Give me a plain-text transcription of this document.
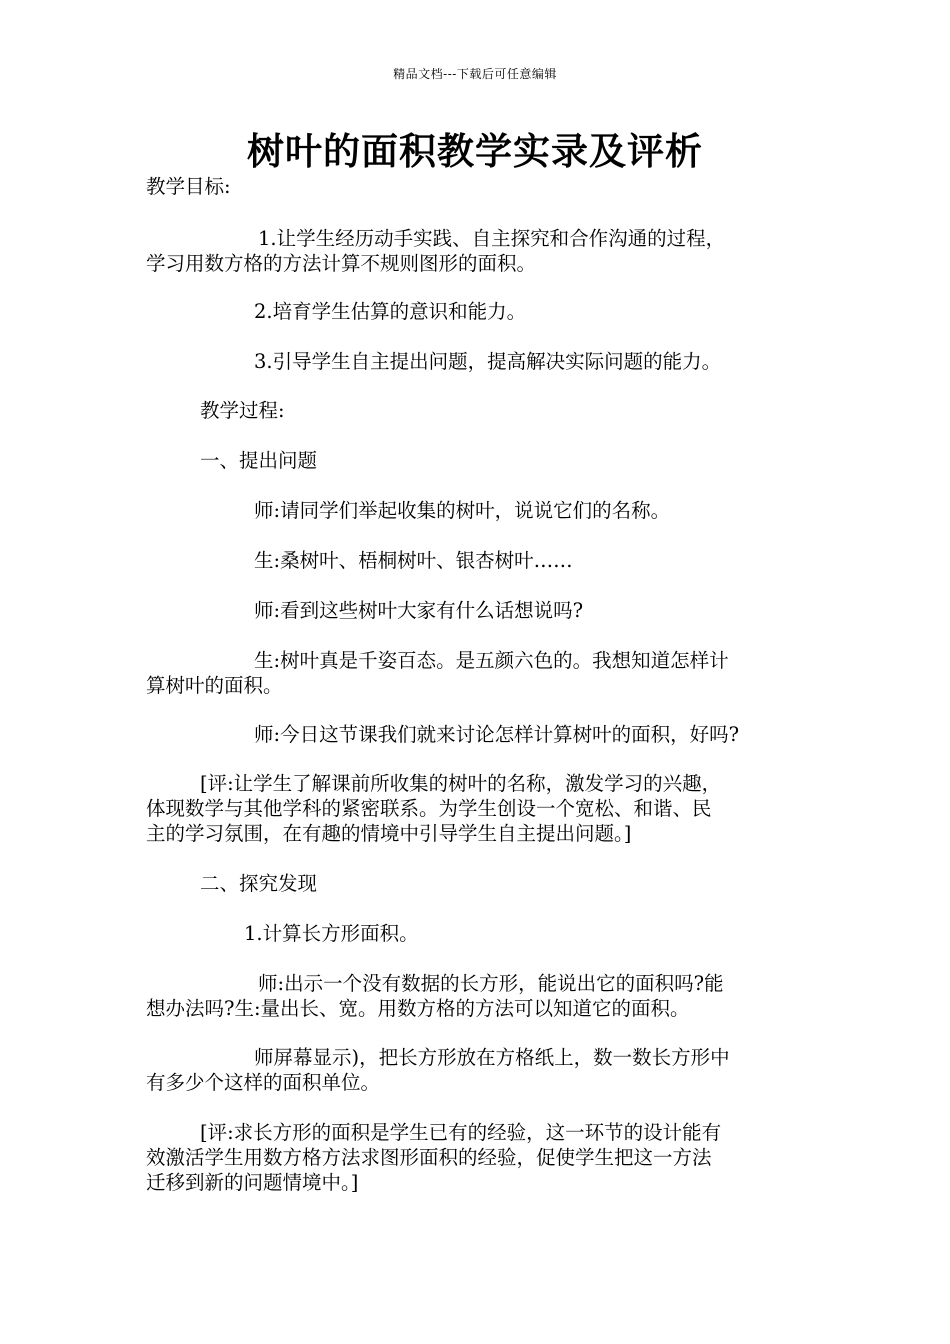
精品文档---下载后可任意编辑
树叶的面积教学实录及评析
教学目标:
1.让学生经历动手实践、自主探究和合作沟通的过程，
学习用数方格的方法计算不规则图形的面积。
2.培育学生估算的意识和能力。
3.引导学生自主提出问题，提高解决实际问题的能力。
教学过程:
一、提出问题
师:请同学们举起收集的树叶，说说它们的名称。
生:桑树叶、梧桐树叶、银杏树叶……
师:看到这些树叶大家有什么话想说吗?
生:树叶真是千姿百态。是五颜六色的。我想知道怎样计
算树叶的面积。
师:今日这节课我们就来讨论怎样计算树叶的面积，好吗?
[评:让学生了解课前所收集的树叶的名称，激发学习的兴趣，
体现数学与其他学科的紧密联系。为学生创设一个宽松、和谐、民
主的学习氛围，在有趣的情境中引导学生自主提出问题。]
二、探究发现
1.计算长方形面积。
师:出示一个没有数据的长方形，能说出它的面积吗?能
想办法吗?生:量出长、宽。用数方格的方法可以知道它的面积。
师屏幕显示)，把长方形放在方格纸上，数一数长方形中
有多少个这样的面积单位。
[评:求长方形的面积是学生已有的经验，这一环节的设计能有
效激活学生用数方格方法求图形面积的经验，促使学生把这一方法
迁移到新的问题情境中。]
